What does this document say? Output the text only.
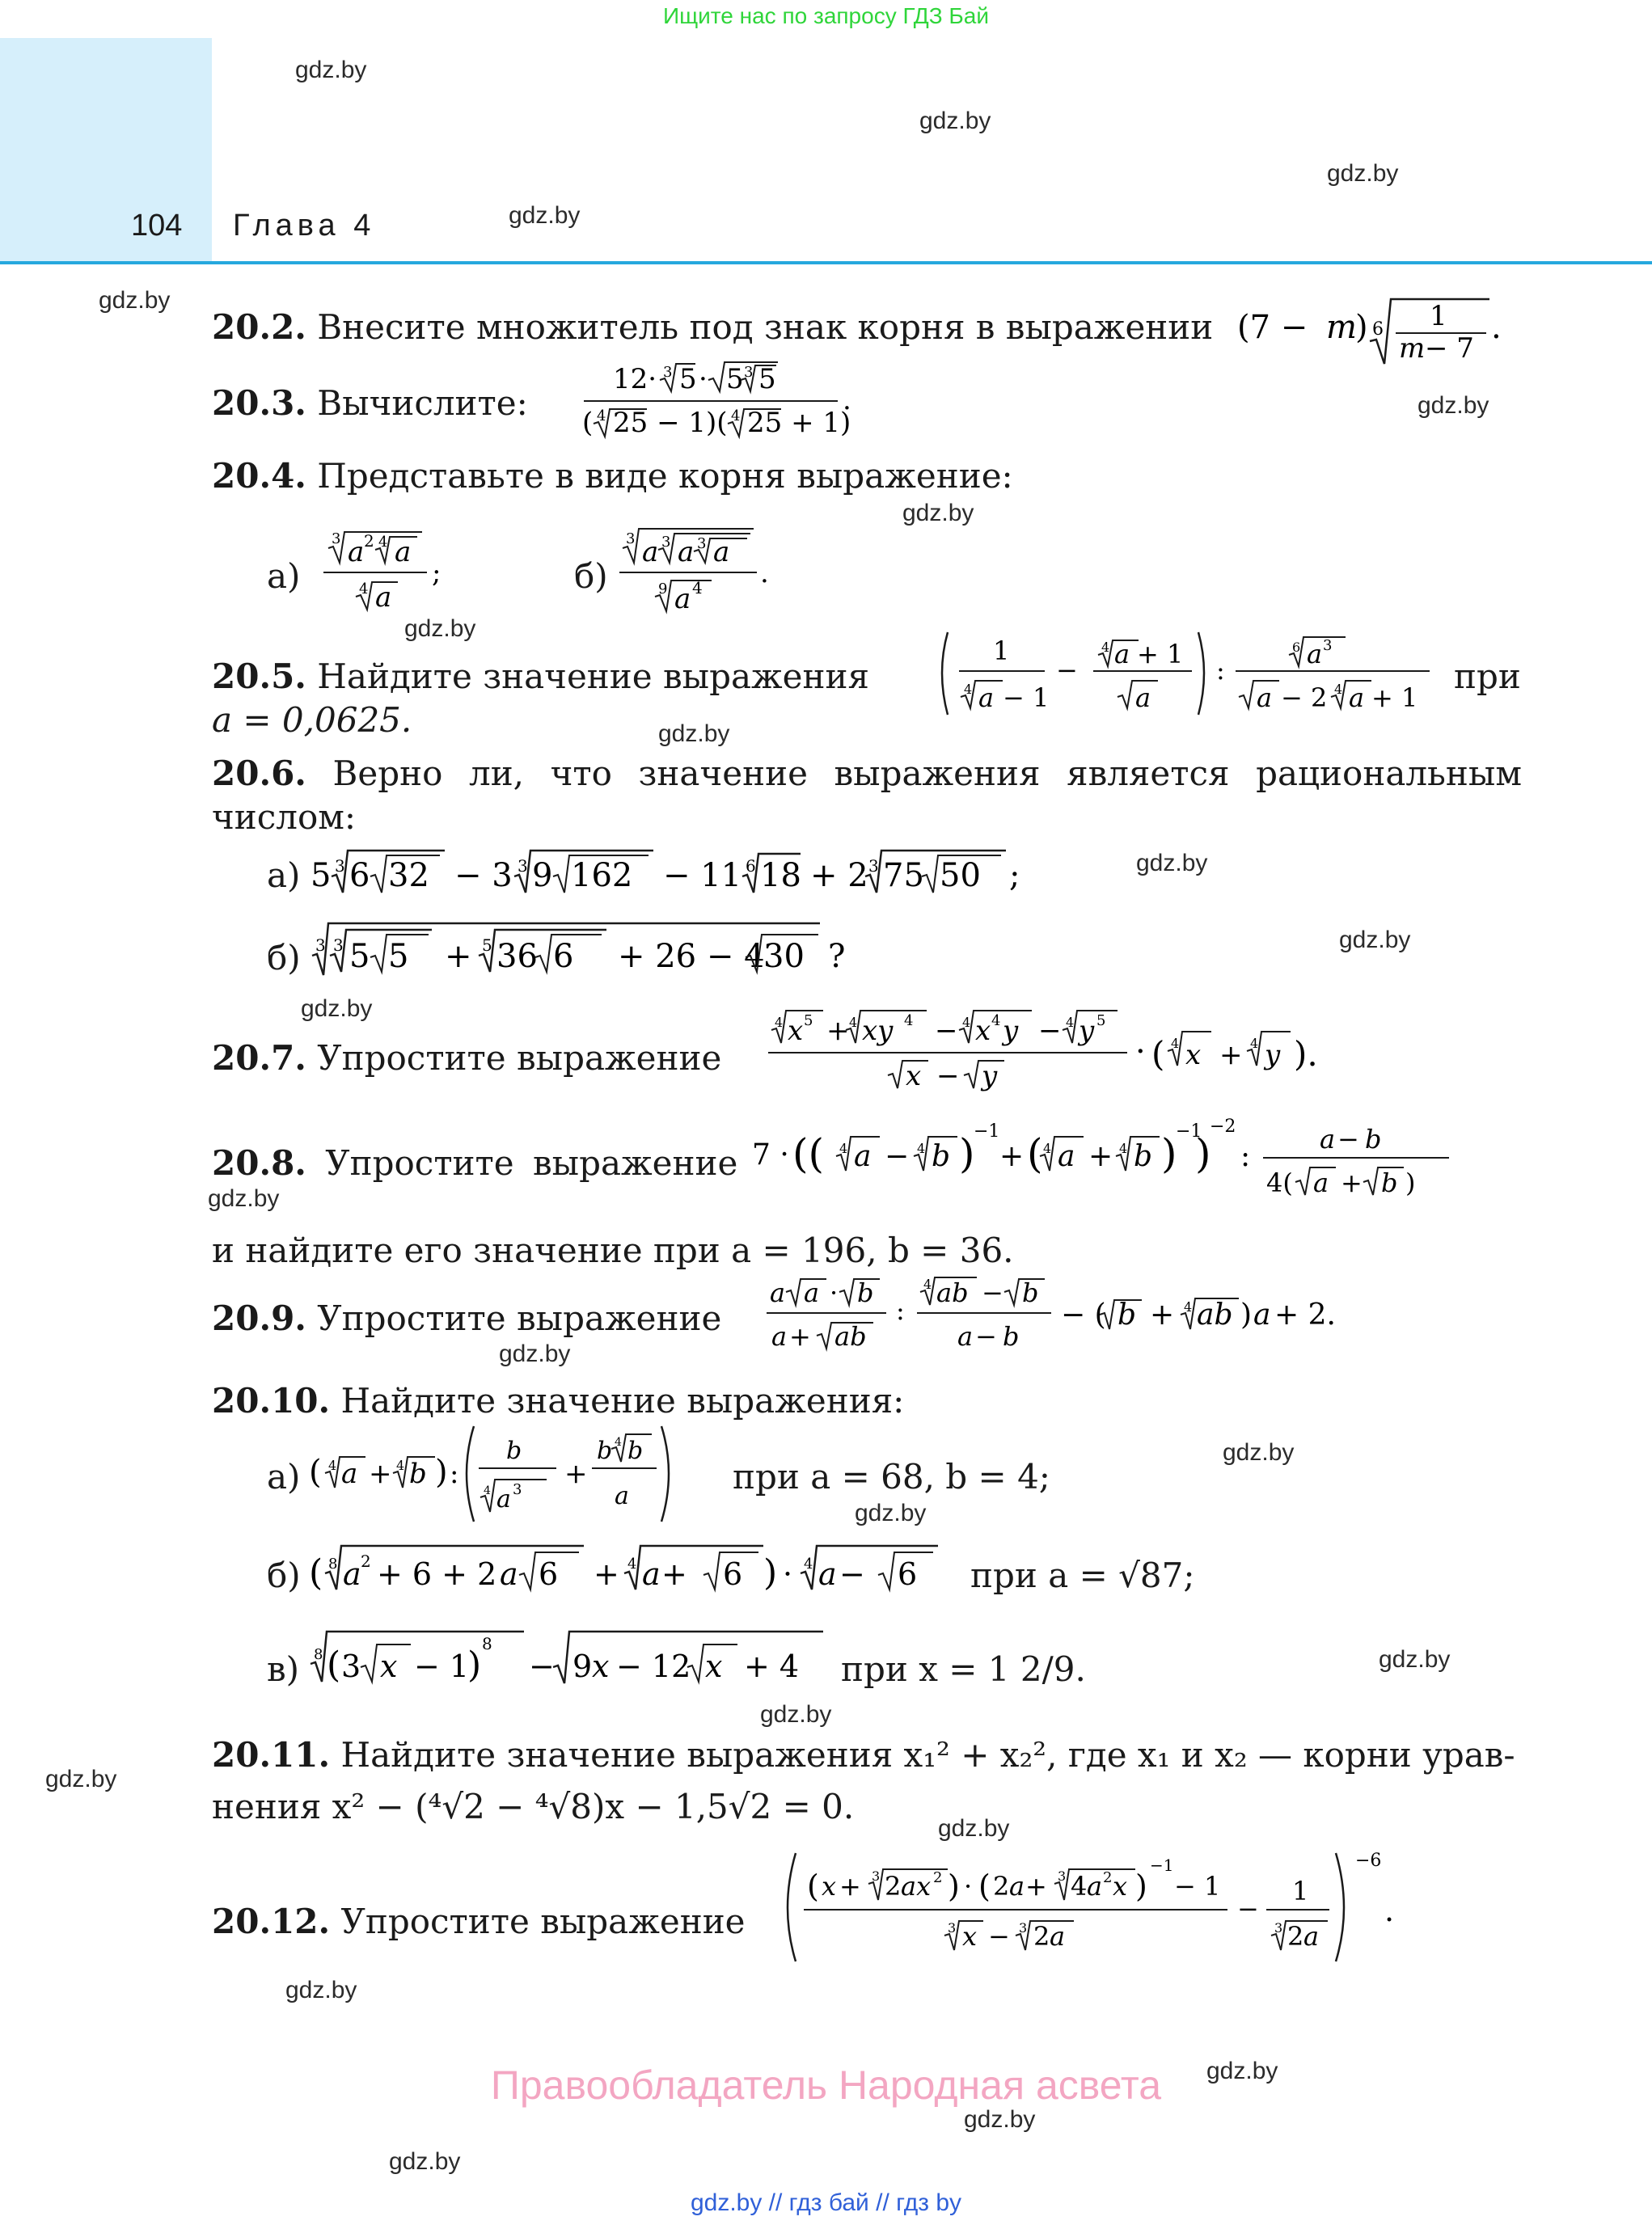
Ищите нас по запросу ГДЗ Бай
104 Глава 4
gdz.by
gdz.by
gdz.by
gdz.by
gdz.by
gdz.by
gdz.by
gdz.by
gdz.by
gdz.by
gdz.by
gdz.by
gdz.by
gdz.by
gdz.by
gdz.by
gdz.by
gdz.by
gdz.by
gdz.by
gdz.by
gdz.by
gdz.by
gdz.by
20.2. Внесите множитель под знак корня в выражении (7 − m
) 6 1
m − 7
.
20.3. Вычислите:
12· 3 5 · 5 3 5
( 4 25 − 1)( 4 25 + 1)
.
20.4. Представьте в виде корня выражение:
а)
3 a 2 4 a
4 a
;	б)
3 a 3 a 3 a
9 a 4 .
20.5. Найдите значение выражения
1
4 a − 1
−
4 a + 1
a
:
6 a 3
a − 2 4 a + 1
при
a = 0,0625.
20.6. Верно ли, что значение выражения является рациональным
числом:
а) 5 3 6 32 − 3 3 9 162 − 11 6 18 + 2 3 75 50 ;
б) 3 3 5 5 + 5 36 6 + 26 − 4
30 ?
20.7. Упростите выражение
4 x 5 + 4 xy 4 − 4 x 4 y − 4 y 5
x − y
· ( 4 x + 4 y ).
20.8. Упростите выражение 7 · (( 4 a − 4 b )
−1
+ ( 4 a + 4 b )
−1
)
−2
:
a − b
4( a + b )
и найдите его значение при a = 196, b = 36.
20.9. Упростите выражение
a a · b
a + ab
:
4 ab − b
a − b
− ( b + 4 ab ) a + 2.
20.10. Найдите значение выражения:
а) ( 4 a + 4 b ) :
b
4 a 3 +
b 4 b
a	при a = 68, b = 4;
б) ( 8 a 2 + 6 + 2 a 6 + 4 a + 6 ) · 4 a − 6 при a = √87;
в) 8 ( 3 x − 1
)
8
− 9 x − 12 x + 4 при x = 1 2/9.
20.11. Найдите значение выражения x₁² + x₂², где x₁ и x₂ — корни урав-
нения x² − (⁴√2 − ⁴√8)x − 1,5√2 = 0.
20.12. Упростите выражение
( x + 3 2 ax 2 ) · ( 2 a + 3 4 a 2 x )
−1
− 1
3 x − 3 2 a
−
1
3 2 a
−6
.
Правообладатель Народная асвета
gdz.by // гдз бай // гдз by
